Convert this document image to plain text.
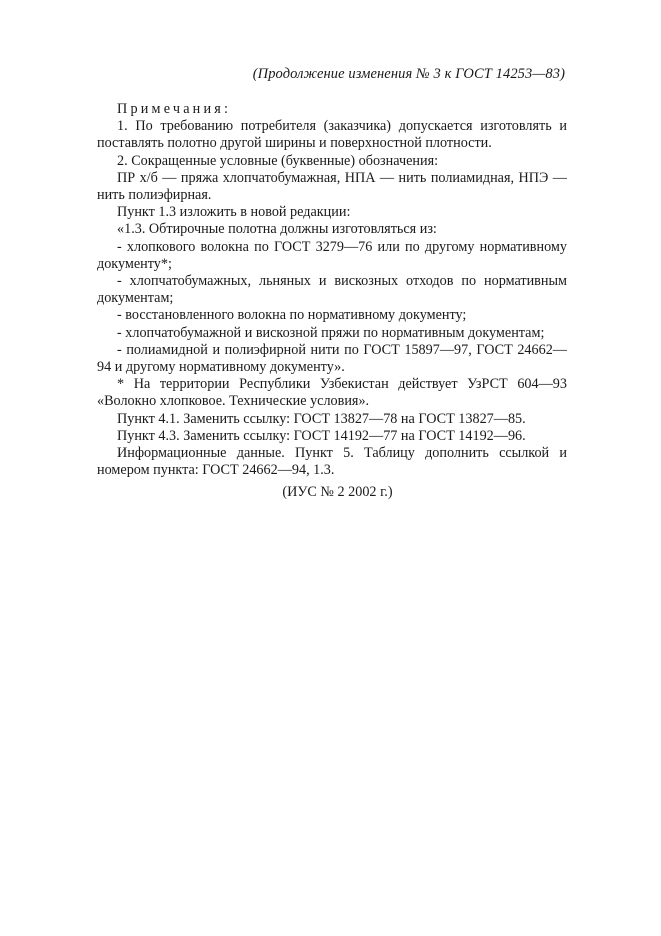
(Продолжение изменения № 3 к ГОСТ 14253—83)

Примечания:

1. По требованию потребителя (заказчика) допускается изготовлять и поставлять полотно другой ширины и поверхностной плотности.

2. Сокращенные условные (буквенные) обозначения:

ПР х/б — пряжа хлопчатобумажная, НПА — нить полиамидная, НПЭ — нить полиэфирная.

Пункт 1.3 изложить в новой редакции:

«1.3. Обтирочные полотна должны изготовляться из:

- хлопкового волокна по ГОСТ 3279—76 или по другому нормативному документу*;

- хлопчатобумажных, льняных и вискозных отходов по нормативным документам;

- восстановленного волокна по нормативному документу;

- хлопчатобумажной и вискозной пряжи по нормативным документам;

- полиамидной и полиэфирной нити по ГОСТ 15897—97, ГОСТ 24662—94 и другому нормативному документу».

* На территории Республики Узбекистан действует УзРСТ 604—93 «Волокно хлопковое. Технические условия».

Пункт 4.1. Заменить ссылку: ГОСТ 13827—78 на ГОСТ 13827—85.

Пункт 4.3. Заменить ссылку: ГОСТ 14192—77 на ГОСТ 14192—96.

Информационные данные. Пункт 5. Таблицу дополнить ссылкой и номером пункта: ГОСТ 24662—94, 1.3.

(ИУС № 2 2002 г.)
